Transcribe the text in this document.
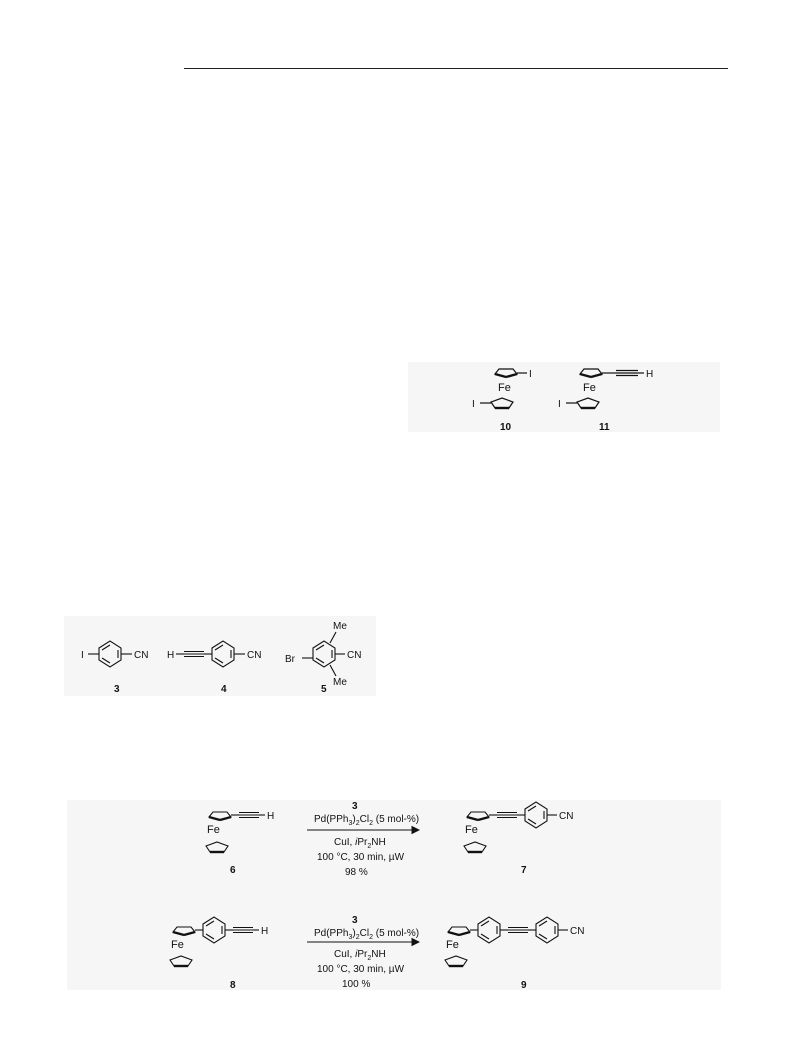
I
Fe
I
10
H
Fe
I
11
I	CN
3
H	CN
4
Br	CN
Me
Me
5
H
Fe
6
3
$Pd(PPh_3)_2Cl_2$ (5 mol-%)
CuI, iPr$_2$NH
100 °C, 30 min, µW
98 %
CN
Fe
7
H
Fe
8
3
$Pd(PPh_3)_2Cl_2$ (5 mol-%)
CuI, iPr$_2$NH
100 °C, 30 min, µW
100 %
CN
Fe
9
